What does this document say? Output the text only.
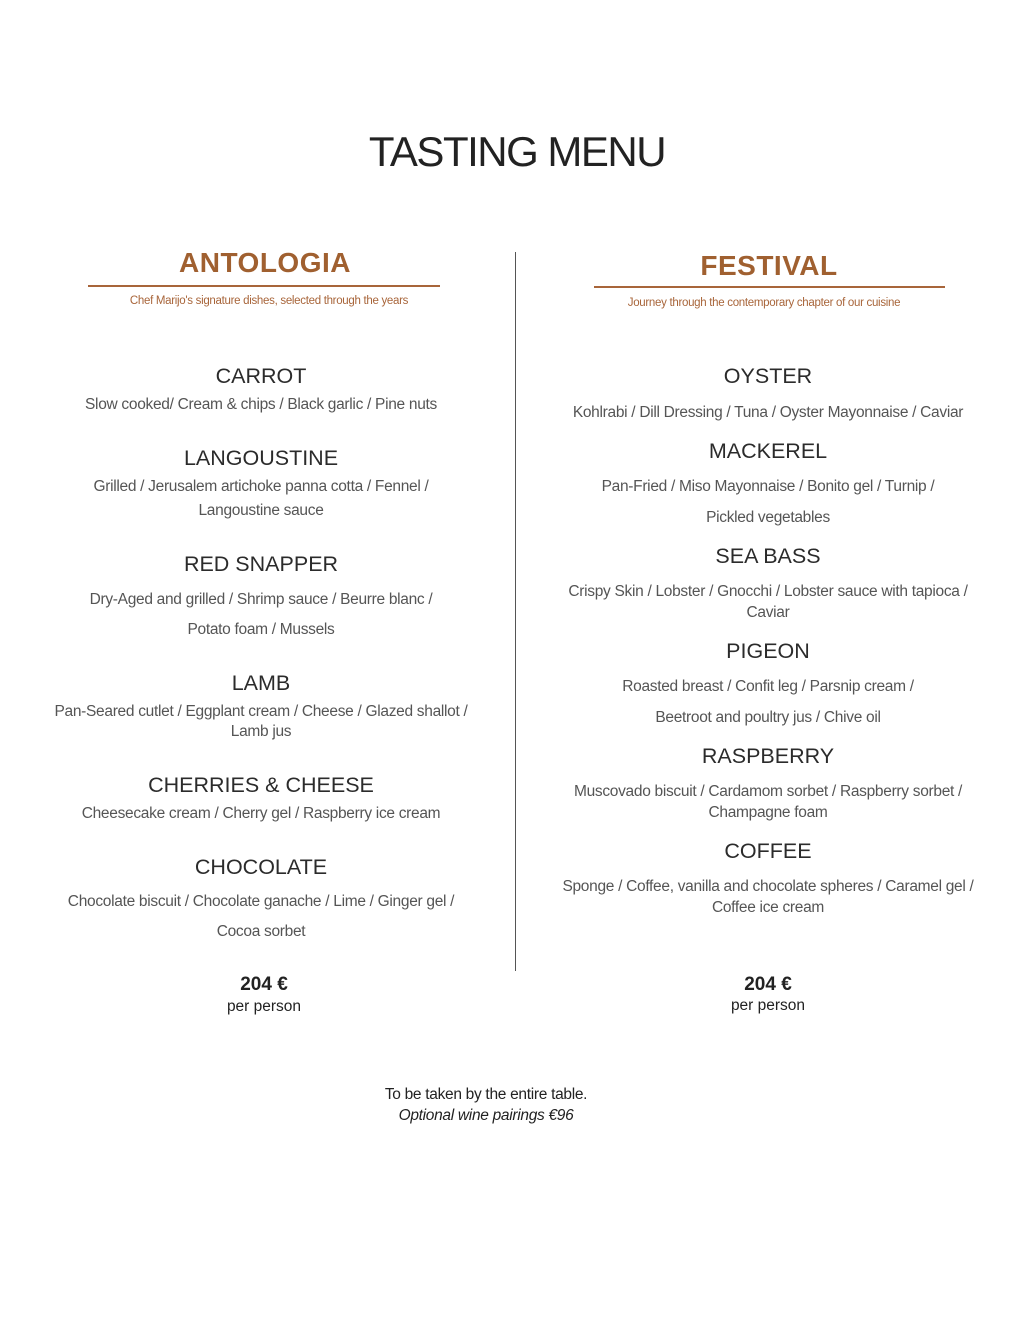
TASTING MENU
ANTOLOGIA
Chef Marijo's signature dishes, selected through the years
CARROT
Slow cooked/ Cream & chips / Black garlic / Pine nuts
LANGOUSTINE
Grilled / Jerusalem artichoke panna cotta / Fennel /
Langoustine sauce
RED SNAPPER
Dry-Aged and grilled / Shrimp sauce / Beurre blanc /
Potato foam / Mussels
LAMB
Pan-Seared cutlet / Eggplant cream / Cheese / Glazed shallot /
Lamb jus
CHERRIES & CHEESE
Cheesecake cream / Cherry gel / Raspberry ice cream
CHOCOLATE
Chocolate biscuit / Chocolate ganache / Lime / Ginger gel /
Cocoa sorbet
204 €
per person
FESTIVAL
Journey through the contemporary chapter of our cuisine
OYSTER
Kohlrabi / Dill Dressing / Tuna / Oyster Mayonnaise / Caviar
MACKEREL
Pan-Fried / Miso Mayonnaise / Bonito gel / Turnip /
Pickled vegetables
SEA BASS
Crispy Skin / Lobster / Gnocchi / Lobster sauce with tapioca /
Caviar
PIGEON
Roasted breast / Confit leg / Parsnip cream /
Beetroot and poultry jus / Chive oil
RASPBERRY
Muscovado biscuit / Cardamom sorbet / Raspberry sorbet /
Champagne foam
COFFEE
Sponge / Coffee, vanilla and chocolate spheres / Caramel gel /
Coffee ice cream
204 €
per person
To be taken by the entire table.
Optional wine pairings €96
